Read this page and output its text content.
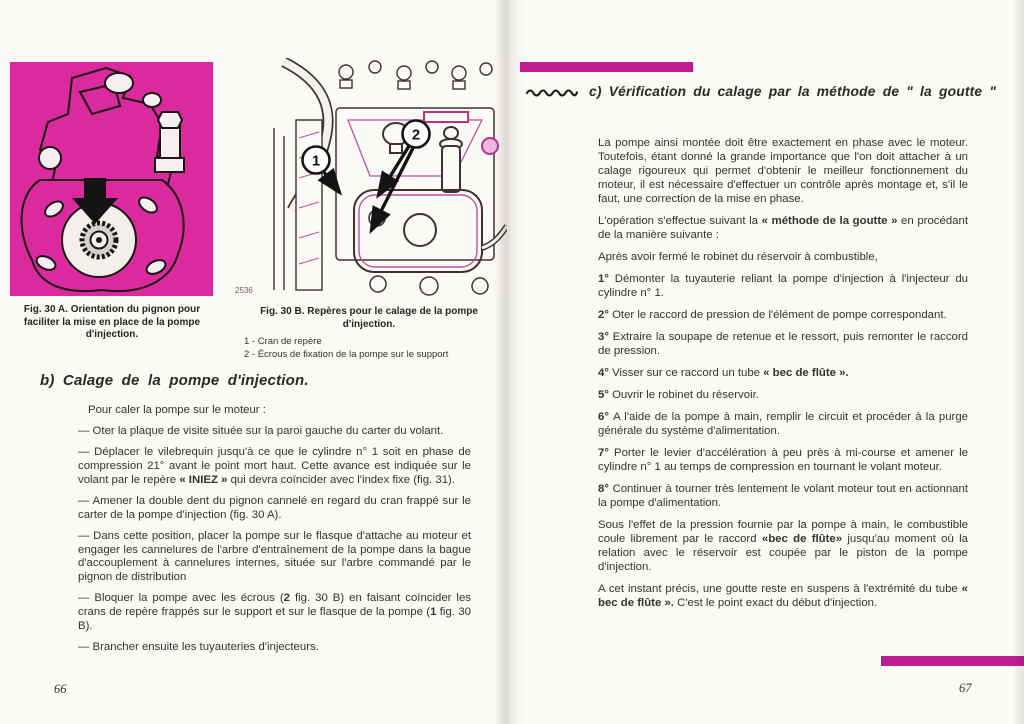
1
2
2536
Fig. 30 A. Orientation du pignon pour faciliter la mise en place de la pompe d'injection.
Fig. 30 B. Repères pour le calage de la pompe d'injection.
1 - Cran de repère
2 - Écrous de fixation de la pompe sur le support
b) Calage de la pompe d'injection.

Pour caler la pompe sur le moteur :

— Oter la plaque de visite située sur la paroi gauche du carter du volant.

— Déplacer le vilebrequin jusqu'à ce que le cylindre n° 1 soit en phase de compression 21° avant le point mort haut. Cette avance est indiquée sur le volant par le repère « INIEZ » qui devra coïncider avec l'index fixe (fig. 31).

— Amener la double dent du pignon cannelé en regard du cran frappé sur le carter de la pompe d'injection (fig. 30 A).

— Dans cette position, placer la pompe sur le flasque d'attache au moteur et engager les cannelures de l'arbre d'entraînement de la pompe dans la bague d'accouplement à cannelures internes, située sur l'arbre commandé par le pignon de distribution

— Bloquer la pompe avec les écrous (2 fig. 30 B) en faisant coïncider les crans de repère frappés sur le support et sur le flasque de la pompe (1 fig. 30 B).

— Brancher ensuite les tuyauteries d'injecteurs.

66
c) Vérification du calage par la méthode de " la goutte "

La pompe ainsi montée doit être exactement en phase avec le moteur. Toutefois, étant donné la grande importance que l'on doit attacher à un calage rigoureux qui permet d'obtenir le meilleur fonctionnement du moteur, il est nécessaire d'effectuer un contrôle après montage et, s'il le faut, une correction de la mise en phase.

L'opération s'effectue suivant la « méthode de la goutte » en procédant de la manière suivante :

Après avoir fermé le robinet du réservoir à combustible,

1° Démonter la tuyauterie reliant la pompe d'injection à l'injecteur du cylindre n° 1.

2° Oter le raccord de pression de l'élément de pompe correspondant.

3° Extraire la soupape de retenue et le ressort, puis remonter le raccord de pression.

4° Visser sur ce raccord un tube « bec de flûte ».

5° Ouvrir le robinet du réservoir.

6° A l'aide de la pompe à main, remplir le circuit et procéder à la purge générale du système d'alimentation.

7° Porter le levier d'accélération à peu près à mi-course et amener le cylindre n° 1 au temps de compression en tournant le volant moteur.

8° Continuer à tourner très lentement le volant moteur tout en actionnant la pompe d'alimentation.

Sous l'effet de la pression fournie par la pompe à main, le combustible coule librement par le raccord «bec de flûte» jusqu'au moment où la relation avec le réservoir est coupée par le piston de la pompe d'injection.

A cet instant précis, une goutte reste en suspens à l'extrémité du tube « bec de flûte ». C'est le point exact du début d'injection.

67
